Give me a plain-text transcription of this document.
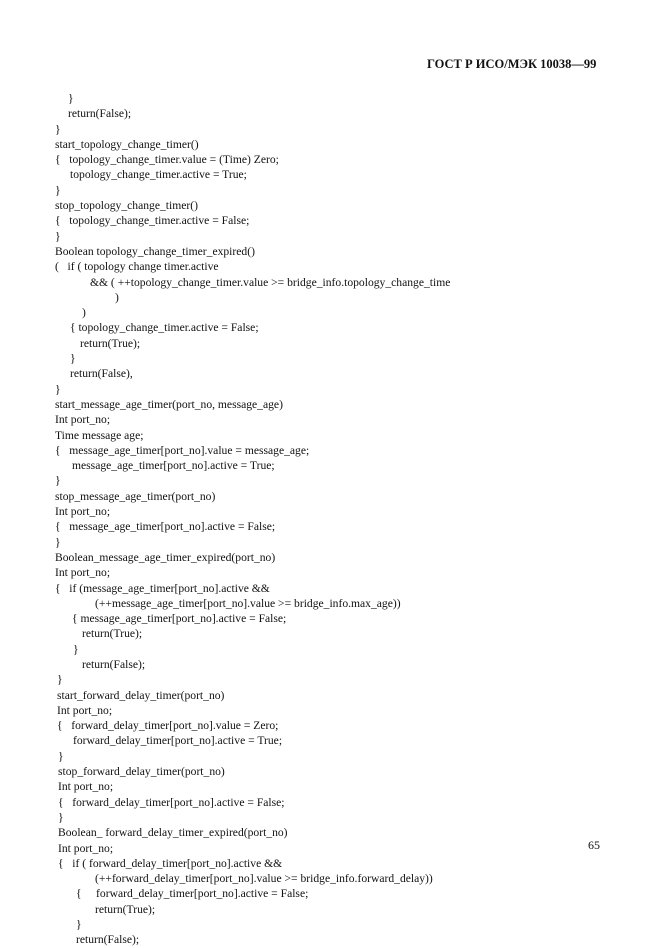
ГОСТ Р ИСО/МЭК 10038—99
}
return(False);
}
start_topology_change_timer()
{   topology_change_timer.value = (Time) Zero;
topology_change_timer.active = True;
}
stop_topology_change_timer()
{   topology_change_timer.active = False;
}
Boolean topology_change_timer_expired()
(   if ( topology change timer.active
&& ( ++topology_change_timer.value >= bridge_info.topology_change_time
)
)
{ topology_change_timer.active = False;
return(True);
}
return(False),
}
start_message_age_timer(port_no, message_age)
Int port_no;
Time message age;
{   message_age_timer[port_no].value = message_age;
message_age_timer[port_no].active = True;
}
stop_message_age_timer(port_no)
Int port_no;
{   message_age_timer[port_no].active = False;
}
Boolean_message_age_timer_expired(port_no)
Int port_no;
{   if (message_age_timer[port_no].active &&
(++message_age_timer[port_no].value >= bridge_info.max_age))
{ message_age_timer[port_no].active = False;
return(True);
}
return(False);
}
start_forward_delay_timer(port_no)
Int port_no;
{   forward_delay_timer[port_no].value = Zero;
forward_delay_timer[port_no].active = True;
}
stop_forward_delay_timer(port_no)
Int port_no;
{   forward_delay_timer[port_no].active = False;
}
Boolean_ forward_delay_timer_expired(port_no)
Int port_no;
{   if ( forward_delay_timer[port_no].active &&
(++forward_delay_timer[port_no].value >= bridge_info.forward_delay))
{     forward_delay_timer[port_no].active = False;
return(True);
}
return(False);
65
